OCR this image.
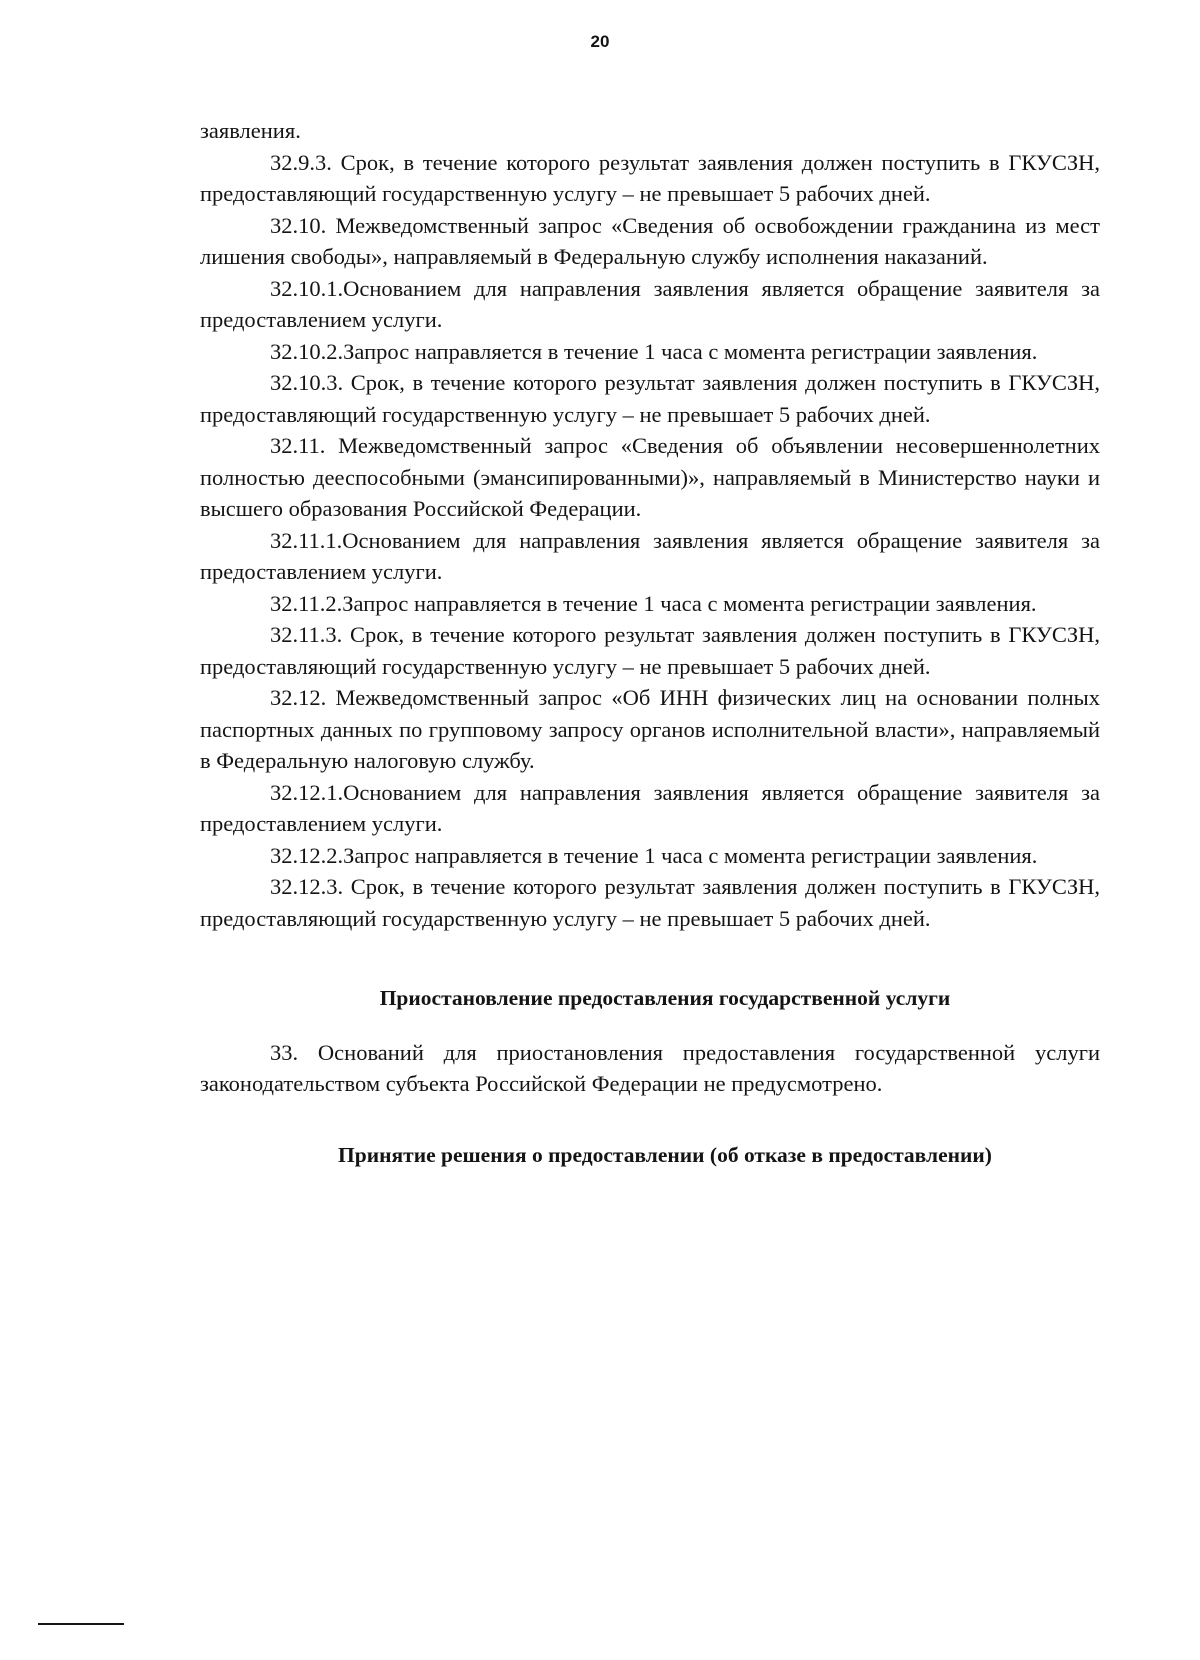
20

заявления.

32.9.3. Срок, в течение которого результат заявления должен поступить в ГКУСЗН, предоставляющий государственную услугу – не превышает 5 рабочих дней.

32.10. Межведомственный запрос «Сведения об освобождении гражданина из мест лишения свободы», направляемый в Федеральную службу исполнения наказаний.

32.10.1.Основанием для направления заявления является обращение заявителя за предоставлением услуги.

32.10.2.Запрос направляется в течение 1 часа с момента регистрации заявления.

32.10.3. Срок, в течение которого результат заявления должен поступить в ГКУСЗН, предоставляющий государственную услугу – не превышает 5 рабочих дней.

32.11. Межведомственный запрос «Сведения об объявлении несовершеннолетних полностью дееспособными (эмансипированными)», направляемый в Министерство науки и высшего образования Российской Федерации.

32.11.1.Основанием для направления заявления является обращение заявителя за предоставлением услуги.

32.11.2.Запрос направляется в течение 1 часа с момента регистрации заявления.

32.11.3. Срок, в течение которого результат заявления должен поступить в ГКУСЗН, предоставляющий государственную услугу – не превышает 5 рабочих дней.

32.12. Межведомственный запрос «Об ИНН физических лиц на основании полных паспортных данных по групповому запросу органов исполнительной власти», направляемый в Федеральную налоговую службу.

32.12.1.Основанием для направления заявления является обращение заявителя за предоставлением услуги.

32.12.2.Запрос направляется в течение 1 часа с момента регистрации заявления.

32.12.3. Срок, в течение которого результат заявления должен поступить в ГКУСЗН, предоставляющий государственную услугу – не превышает 5 рабочих дней.

Приостановление предоставления государственной услуги

33. Оснований для приостановления предоставления государственной услуги законодательством субъекта Российской Федерации не предусмотрено.

Принятие решения о предоставлении (об отказе в предоставлении)
